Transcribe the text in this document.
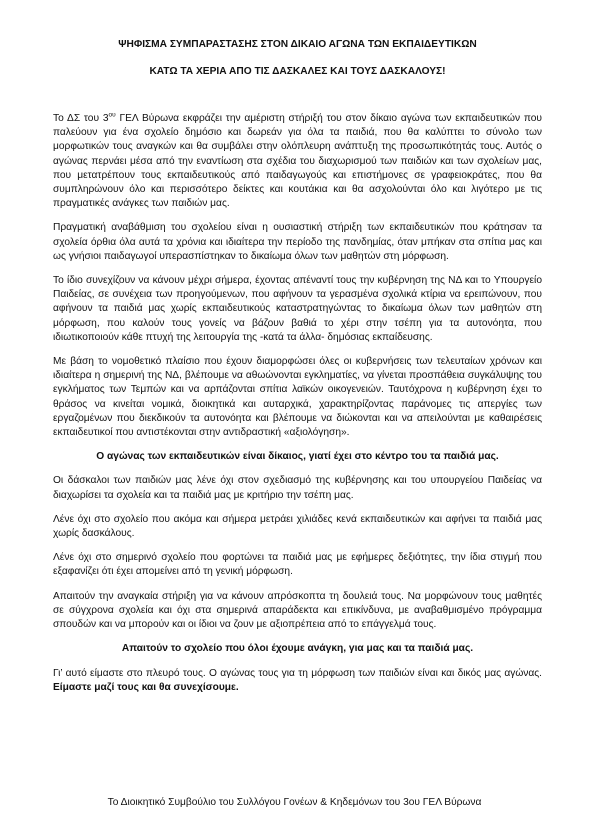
ΨΗΦΙΣΜΑ ΣΥΜΠΑΡΑΣΤΑΣΗΣ ΣΤΟΝ ΔΙΚΑΙΟ ΑΓΩΝΑ ΤΩΝ ΕΚΠΑΙΔΕΥΤΙΚΩΝ
ΚΑΤΩ ΤΑ ΧΕΡΙΑ ΑΠΟ ΤΙΣ ΔΑΣΚΑΛΕΣ ΚΑΙ ΤΟΥΣ ΔΑΣΚΑΛΟΥΣ!

Το ΔΣ του $3^{o\upsilon}$ ΓΕΛ Βύρωνα εκφράζει την αμέριστη στήριξή του στον δίκαιο αγώνα των εκπαιδευτικών που παλεύουν για ένα σχολείο δημόσιο και δωρεάν για όλα τα παιδιά, που θα καλύπτει το σύνολο των μορφωτικών τους αναγκών και θα συμβάλει στην ολόπλευρη ανάπτυξη της προσωπικότητάς τους. Αυτός ο αγώνας περνάει μέσα από την εναντίωση στα σχέδια του διαχωρισμού των παιδιών και των σχολείων μας, που μετατρέπουν τους εκπαιδευτικούς από παιδαγωγούς και επιστήμονες σε γραφειοκράτες, που θα συμπληρώνουν όλο και περισσότερο δείκτες και κουτάκια και θα ασχολούνται όλο και λιγότερο με τις πραγματικές ανάγκες των παιδιών μας.

Πραγματική αναβάθμιση του σχολείου είναι η ουσιαστική στήριξη των εκπαιδευτικών που κράτησαν τα σχολεία όρθια όλα αυτά τα χρόνια και ιδιαίτερα την περίοδο της πανδημίας, όταν μπήκαν στα σπίτια μας και ως γνήσιοι παιδαγωγοί υπερασπίστηκαν το δικαίωμα όλων των μαθητών στη μόρφωση.

Το ίδιο συνεχίζουν να κάνουν μέχρι σήμερα, έχοντας απέναντί τους την κυβέρνηση της ΝΔ και το Υπουργείο Παιδείας, σε συνέχεια των προηγούμενων, που αφήνουν τα γερασμένα σχολικά κτίρια να ερειπώνουν, που αφήνουν τα παιδιά μας χωρίς εκπαιδευτικούς καταστρατηγώντας το δικαίωμα όλων των μαθητών στη μόρφωση, που καλούν τους γονείς να βάζουν βαθιά το χέρι στην τσέπη για τα αυτονόητα, που ιδιωτικοποιούν κάθε πτυχή της λειτουργία της -κατά τα άλλα- δημόσιας εκπαίδευσης.

Με βάση το νομοθετικό πλαίσιο που έχουν διαμορφώσει όλες οι κυβερνήσεις των τελευταίων χρόνων και ιδιαίτερα η σημερινή της ΝΔ, βλέπουμε να αθωώνονται εγκληματίες, να γίνεται προσπάθεια συγκάλυψης του εγκλήματος των Τεμπών και να αρπάζονται σπίτια λαϊκών οικογενειών. Ταυτόχρονα η κυβέρνηση έχει το θράσος να κινείται νομικά, διοικητικά και αυταρχικά, χαρακτηρίζοντας παράνομες τις απεργίες των εργαζομένων που διεκδικούν τα αυτονόητα και βλέπουμε να διώκονται και να απειλούνται με καθαιρέσεις εκπαιδευτικοί που αντιστέκονται στην αντιδραστική «αξιολόγηση».

Ο αγώνας των εκπαιδευτικών είναι δίκαιος, γιατί έχει στο κέντρο του τα παιδιά μας.

Οι δάσκαλοι των παιδιών μας λένε όχι στον σχεδιασμό της κυβέρνησης και του υπουργείου Παιδείας να διαχωρίσει τα σχολεία και τα παιδιά μας με κριτήριο την τσέπη μας.

Λένε όχι στο σχολείο που ακόμα και σήμερα μετράει χιλιάδες κενά εκπαιδευτικών και αφήνει τα παιδιά μας χωρίς δασκάλους.

Λένε όχι στο σημερινό σχολείο που φορτώνει τα παιδιά μας με εφήμερες δεξιότητες, την ίδια στιγμή που εξαφανίζει ότι έχει απομείνει από τη γενική μόρφωση.

Απαιτούν την αναγκαία στήριξη για να κάνουν απρόσκοπτα τη δουλειά τους. Να μορφώνουν τους μαθητές σε σύγχρονα σχολεία και όχι στα σημερινά απαράδεκτα και επικίνδυνα, με αναβαθμισμένο πρόγραμμα σπουδών και να μπορούν και οι ίδιοι να ζουν με αξιοπρέπεια από το επάγγελμά τους.

Απαιτούν το σχολείο που όλοι έχουμε ανάγκη, για μας και τα παιδιά μας.

Γι’ αυτό είμαστε στο πλευρό τους. Ο αγώνας τους για τη μόρφωση των παιδιών είναι και δικός μας αγώνας. Είμαστε μαζί τους και θα συνεχίσουμε.

Το Διοικητικό Συμβούλιο του Συλλόγου Γονέων & Κηδεμόνων του 3ου ΓΕΛ Βύρωνα
